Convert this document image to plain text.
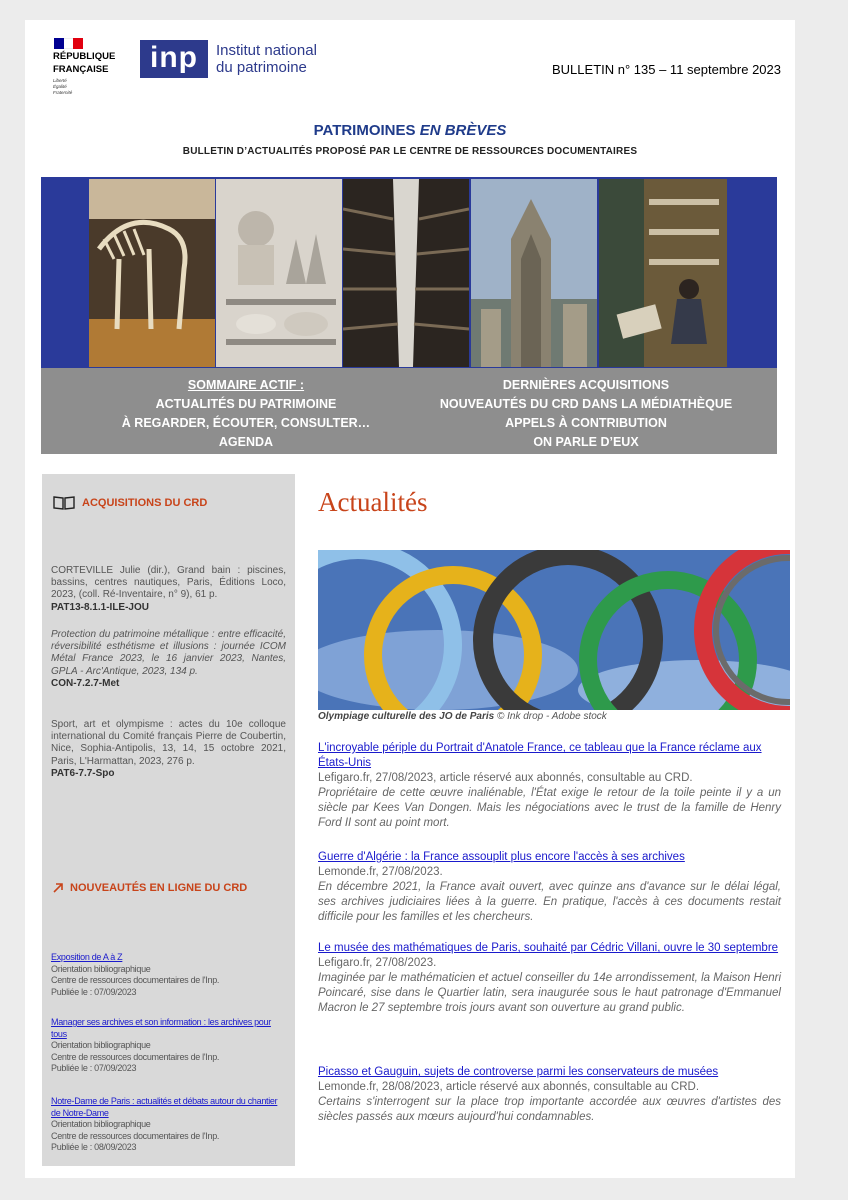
RÉPUBLIQUE
FRANÇAISE
Liberté
Égalité
Fraternité
inp	Institut national
du patrimoine	BULLETIN n° 135 – 11 septembre 2023
PATRIMOINES EN BRÈVES
BULLETIN D’ACTUALITÉS PROPOSÉ PAR LE CENTRE DE RESSOURCES DOCUMENTAIRES
SOMMAIRE ACTIF :
ACTUALITÉS DU PATRIMOINE
À REGARDER, ÉCOUTER, CONSULTER…
AGENDA
DERNIÈRES ACQUISITIONS
NOUVEAUTÉS DU CRD DANS LA MÉDIATHÈQUE
APPELS À CONTRIBUTION
ON PARLE D’EUX
ACQUISITIONS DU CRD
CORTEVILLE Julie (dir.), Grand bain : piscines, bassins, centres nautiques, Paris, Éditions Loco, 2023, (coll. Ré-Inventaire, n° 9), 61 p.
PAT13-8.1.1-ILE-JOU
Protection du patrimoine métallique : entre efficacité, réversibilité esthétisme et illusions : journée ICOM Métal France 2023, le 16 janvier 2023, Nantes, GPLA - Arc'Antique, 2023, 134 p.
CON-7.2.7-Met
Sport, art et olympisme : actes du 10e colloque international du Comité français Pierre de Coubertin, Nice, Sophia-Antipolis, 13, 14, 15 octobre 2021, Paris, L'Harmattan, 2023, 276 p.
PAT6-7.7-Spo
NOUVEAUTÉS EN LIGNE DU CRD
Exposition de A à Z
Orientation bibliographique
Centre de ressources documentaires de l'Inp.
Publiée le : 07/09/2023
Manager ses archives et son information : les archives pour tous
Orientation bibliographique
Centre de ressources documentaires de l'Inp.
Publiée le : 07/09/2023
Notre-Dame de Paris : actualités et débats autour du chantier de Notre-Dame
Orientation bibliographique
Centre de ressources documentaires de l'Inp.
Publiée le : 08/09/2023
Actualités
Olympiage culturelle des JO de Paris © Ink drop - Adobe stock
L'incroyable périple du Portrait d'Anatole France, ce tableau que la France réclame aux États-Unis
Lefigaro.fr, 27/08/2023, article réservé aux abonnés, consultable au CRD.
Propriétaire de cette œuvre inaliénable, l'État exige le retour de la toile peinte il y a un siècle par Kees Van Dongen. Mais les négociations avec le trust de la famille de Henry Ford II sont au point mort.
Guerre d'Algérie : la France assouplit plus encore l'accès à ses archives
Lemonde.fr, 27/08/2023.
En décembre 2021, la France avait ouvert, avec quinze ans d'avance sur le délai légal, ses archives judiciaires liées à la guerre. En pratique, l'accès à ces documents restait difficile pour les familles et les chercheurs.
Le musée des mathématiques de Paris, souhaité par Cédric Villani, ouvre le 30 septembre
Lefigaro.fr, 27/08/2023.
Imaginée par le mathématicien et actuel conseiller du 14e arrondissement, la Maison Henri Poincaré, sise dans le Quartier latin, sera inaugurée sous le haut patronage d'Emmanuel Macron le 27 septembre trois jours avant son ouverture au grand public.
Picasso et Gauguin, sujets de controverse parmi les conservateurs de musées
Lemonde.fr, 28/08/2023, article réservé aux abonnés, consultable au CRD.
Certains s'interrogent sur la place trop importante accordée aux œuvres d'artistes des siècles passés aux mœurs aujourd'hui condamnables.
